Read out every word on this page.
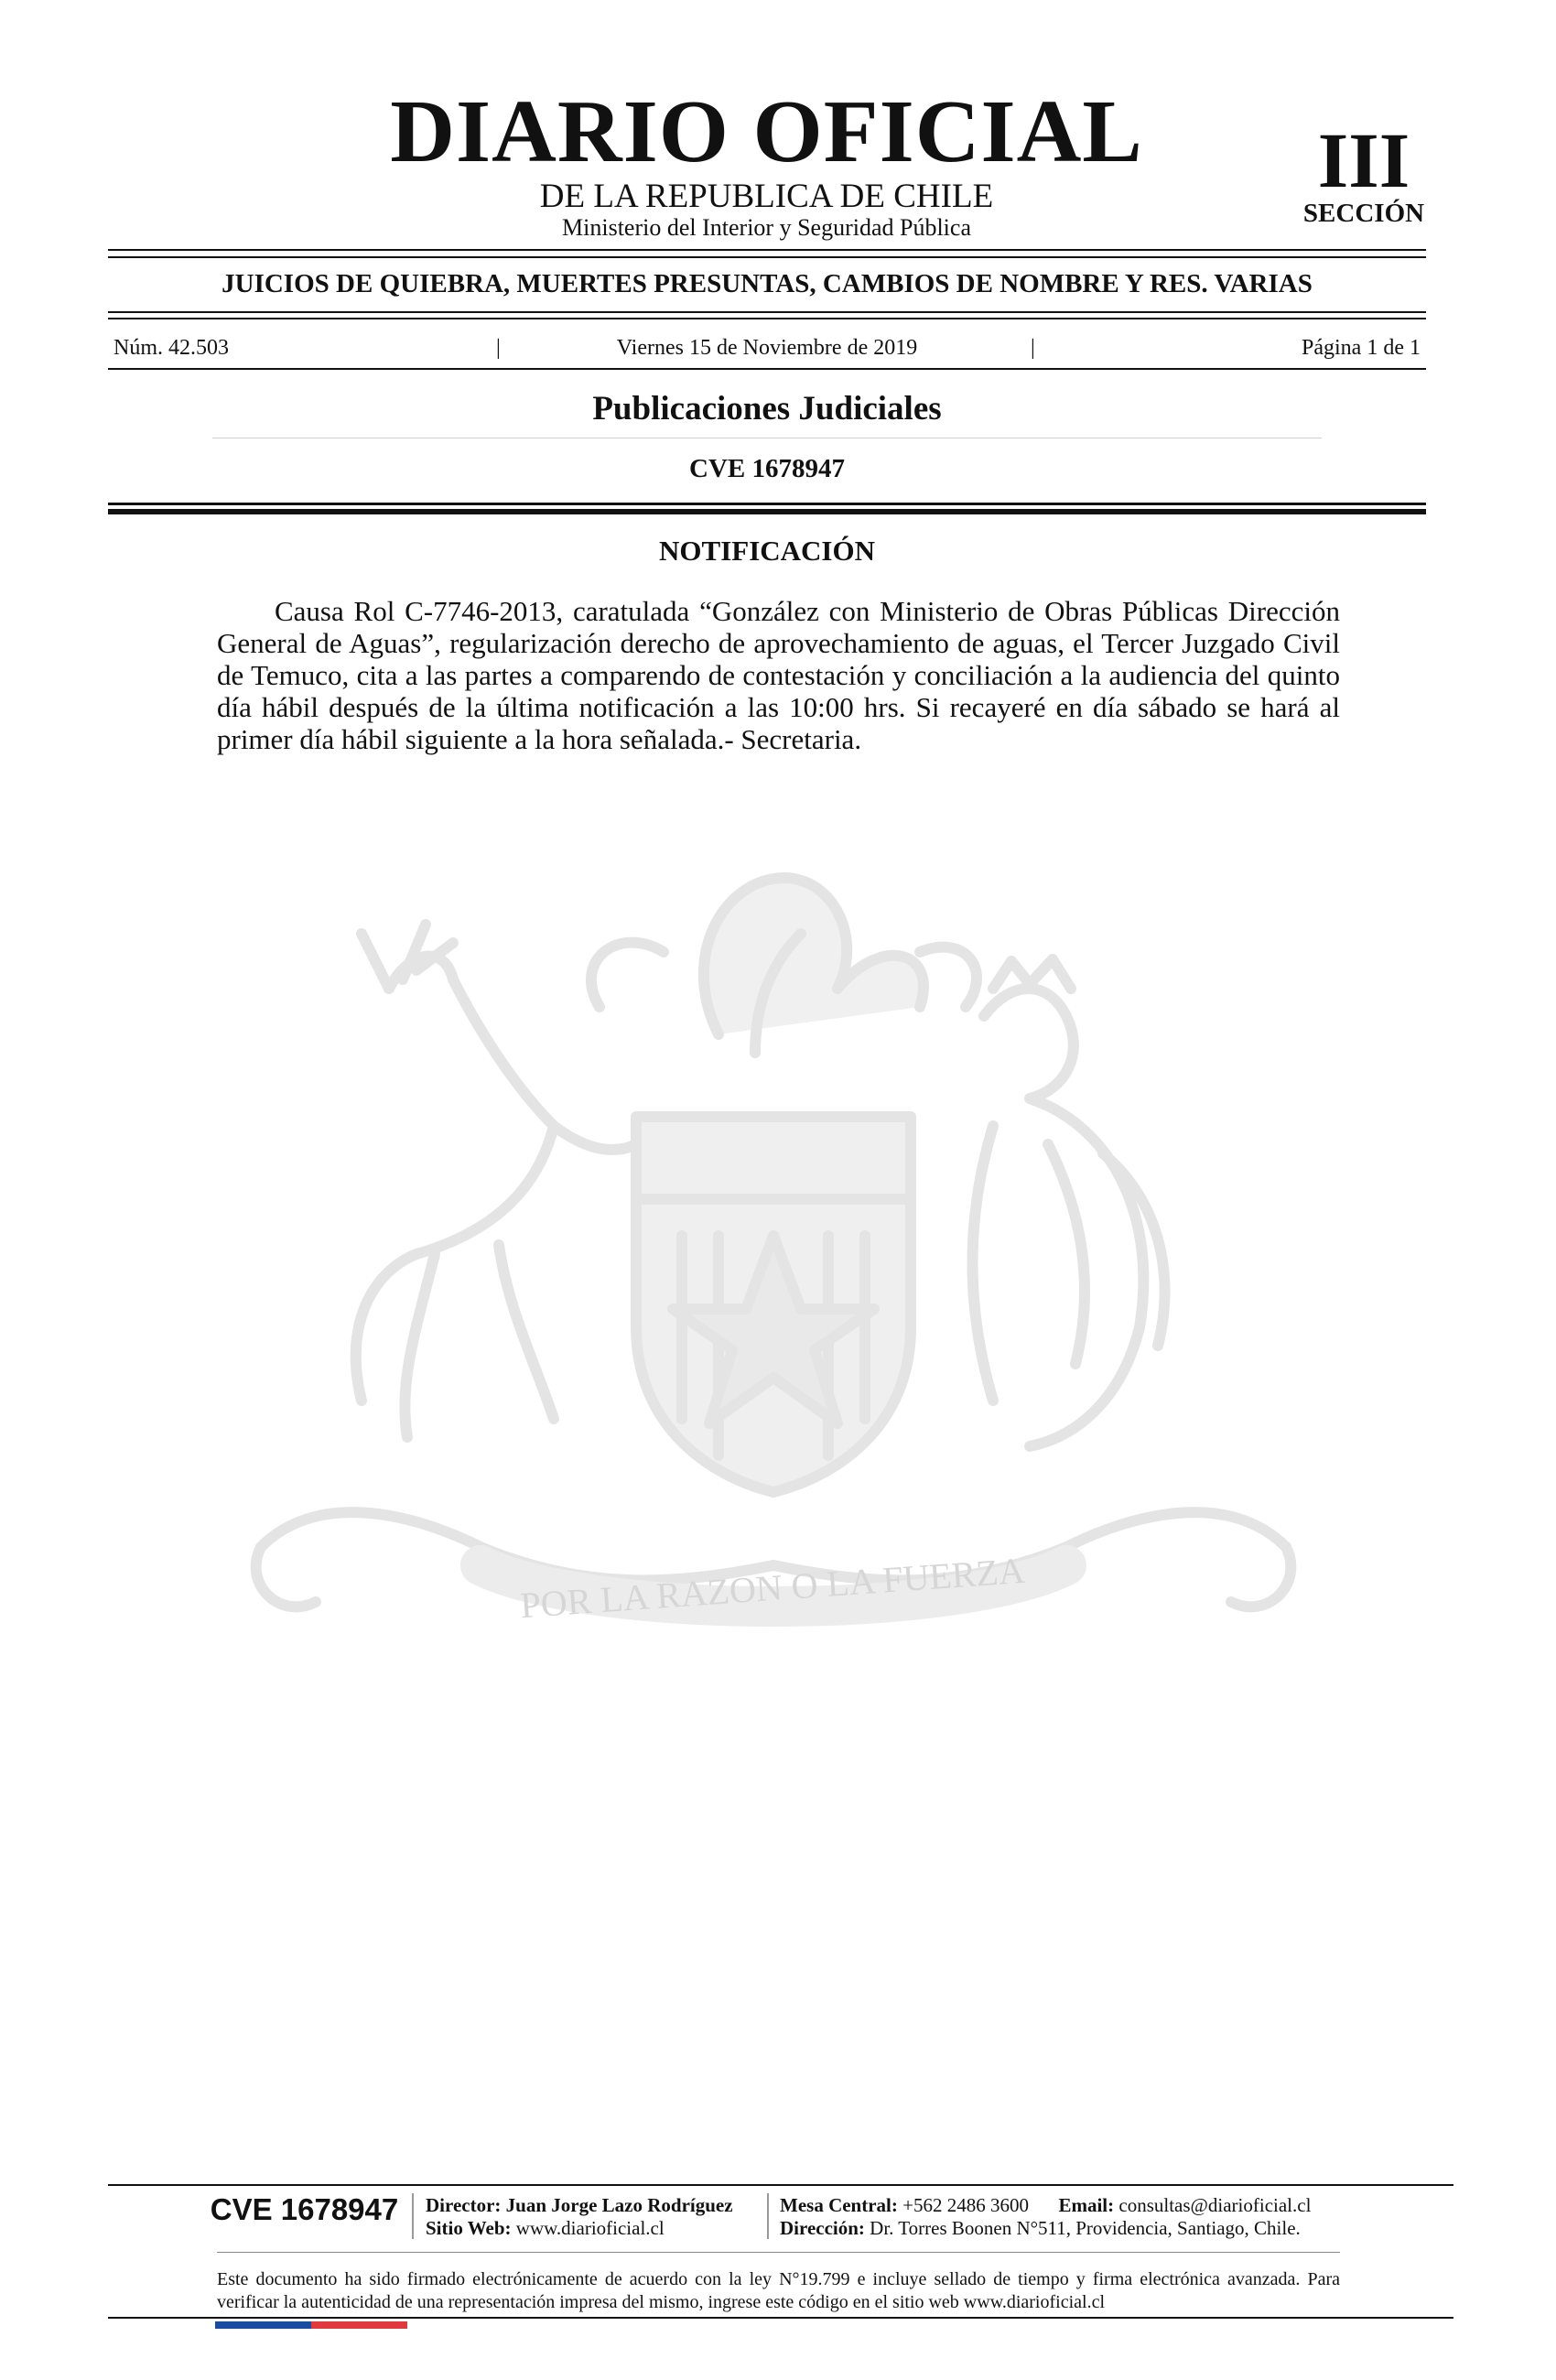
DIARIO OFICIAL
DE LA REPUBLICA DE CHILE
Ministerio del Interior y Seguridad Pública
III
SECCIÓN
JUICIOS DE QUIEBRA, MUERTES PRESUNTAS, CAMBIOS DE NOMBRE Y RES. VARIAS
Núm. 42.503	|	Viernes 15 de Noviembre de 2019	|	Página 1 de 1
Publicaciones Judiciales
CVE 1678947
NOTIFICACIÓN

Causa Rol C-7746-2013, caratulada “González con Ministerio de Obras Públicas Dirección General de Aguas”, regularización derecho de aprovechamiento de aguas, el Tercer Juzgado Civil de Temuco, cita a las partes a comparendo de contestación y conciliación a la audiencia del quinto día hábil después de la última notificación a las 10:00 hrs. Si recayeré en día sábado se hará al primer día hábil siguiente a la hora señalada.- Secretaria.

POR LA RAZON O LA FUERZA
CVE 1678947 Director: Juan Jorge Lazo Rodríguez
Sitio Web: www.diarioficial.cl
Mesa Central: +562 2486 3600 Email: consultas@diarioficial.cl
Dirección: Dr. Torres Boonen N°511, Providencia, Santiago, Chile.

Este documento ha sido firmado electrónicamente de acuerdo con la ley N°19.799 e incluye sellado de tiempo y firma electrónica avanzada. Para verificar la autenticidad de una representación impresa del mismo, ingrese este código en el sitio web www.diarioficial.cl
